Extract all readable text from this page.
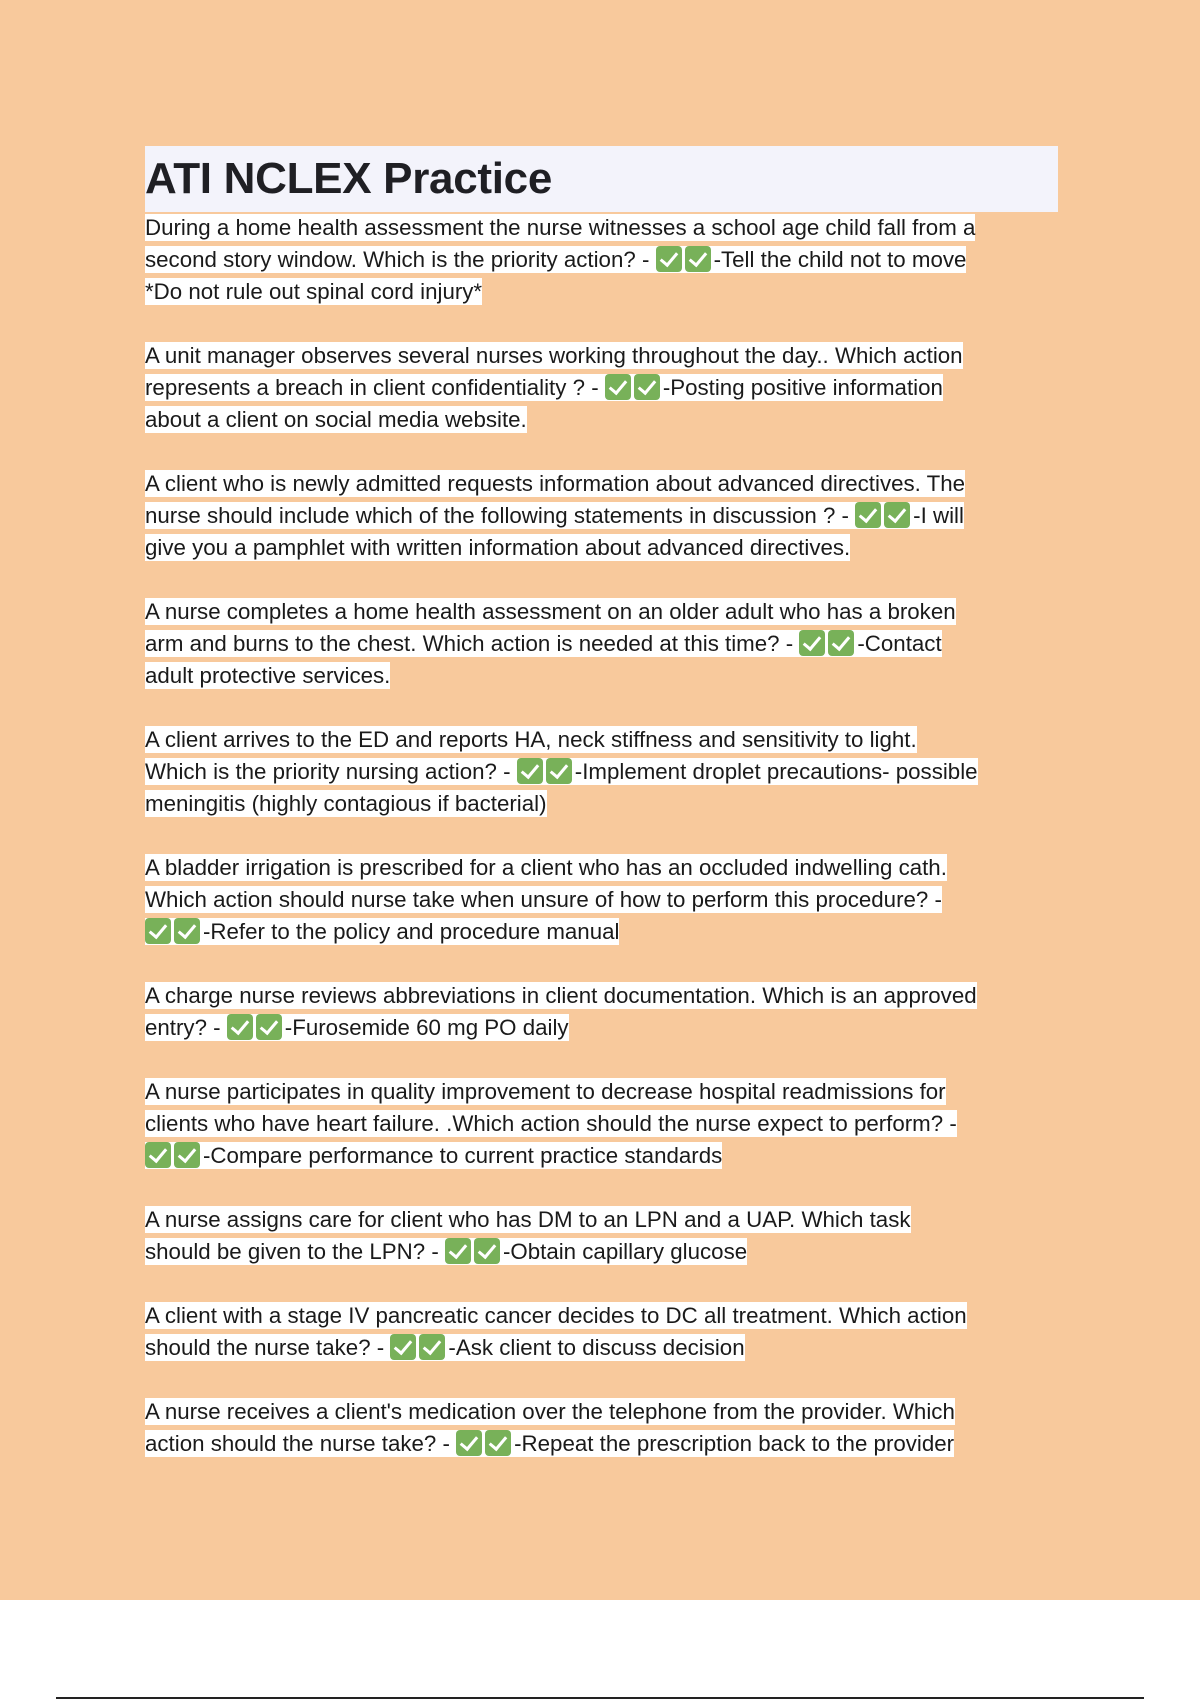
ATI NCLEX Practice

During a home health assessment the nurse witnesses a school age child fall from a
second story window. Which is the priority action? -	-Tell the child not to move
*Do not rule out spinal cord injury*

A unit manager observes several nurses working throughout the day.. Which action
represents a breach in client confidentiality ? -	-Posting positive information
about a client on social media website.

A client who is newly admitted requests information about advanced directives. The
nurse should include which of the following statements in discussion ? -	-I will
give you a pamphlet with written information about advanced directives.

A nurse completes a home health assessment on an older adult who has a broken
arm and burns to the chest. Which action is needed at this time? -	-Contact
adult protective services.

A client arrives to the ED and reports HA, neck stiffness and sensitivity to light.
Which is the priority nursing action? -	-Implement droplet precautions- possible
meningitis (highly contagious if bacterial)

A bladder irrigation is prescribed for a client who has an occluded indwelling cath.
Which action should nurse take when unsure of how to perform this procedure? -
-Refer to the policy and procedure manual

A charge nurse reviews abbreviations in client documentation. Which is an approved
entry? -	-Furosemide 60 mg PO daily

A nurse participates in quality improvement to decrease hospital readmissions for
clients who have heart failure. .Which action should the nurse expect to perform? -
-Compare performance to current practice standards

A nurse assigns care for client who has DM to an LPN and a UAP. Which task
should be given to the LPN? -	-Obtain capillary glucose

A client with a stage IV pancreatic cancer decides to DC all treatment. Which action
should the nurse take? -	-Ask client to discuss decision

A nurse receives a client's medication over the telephone from the provider. Which
action should the nurse take? -	-Repeat the prescription back to the provider
